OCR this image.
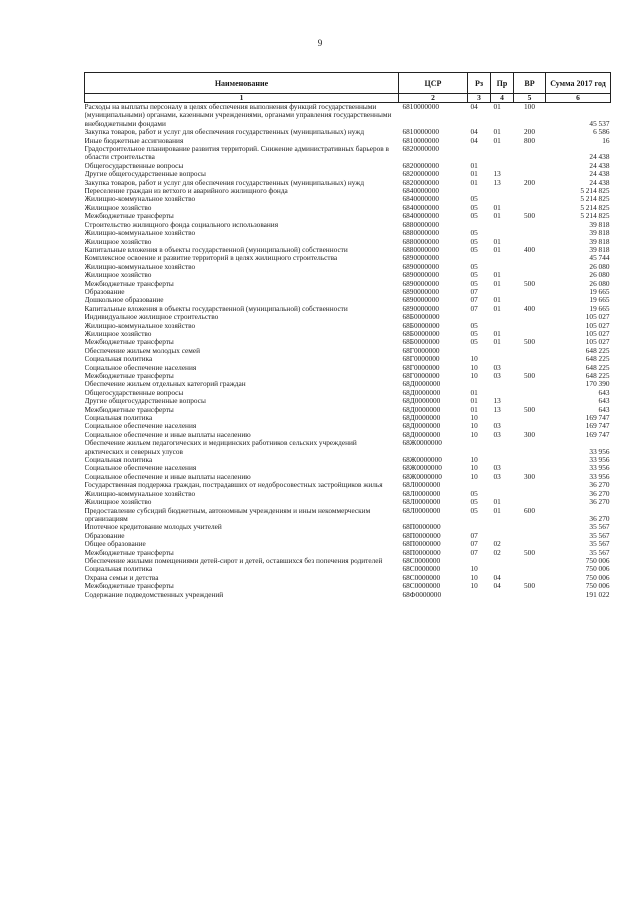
9
Наименование	ЦСР	Рз	Пр	ВР	Сумма 2017 год
1	2	3	4	5	6
Расходы на выплаты персоналу в целях обеспечения выполнения функций государственными (муниципальными) органами, казенными учреждениями, органами управления государственными внебюджетными фондами	6810000000	04	01	100	45 537
Закупка товаров, работ и услуг для обеспечения государственных (муниципальных) нужд	6810000000	04	01	200	6 586
Иные бюджетные ассигнования	6810000000	04	01	800	16
Градостроительное планирование развития территорий. Снижение административных барьеров в области строительства	6820000000				24 438
Общегосударственные вопросы	6820000000	01			24 438
Другие общегосударственные вопросы	6820000000	01	13		24 438
Закупка товаров, работ и услуг для обеспечения государственных (муниципальных) нужд	6820000000	01	13	200	24 438
Переселение граждан из ветхого и аварийного жилищного фонда	6840000000				5 214 825
Жилищно-коммунальное хозяйство	6840000000	05			5 214 825
Жилищное хозяйство	6840000000	05	01		5 214 825
Межбюджетные трансферты	6840000000	05	01	500	5 214 825
Строительство жилищного фонда социального использования	6880000000				39 818
Жилищно-коммунальное хозяйство	6880000000	05			39 818
Жилищное хозяйство	6880000000	05	01		39 818
Капитальные вложения в объекты государственной (муниципальной) собственности	6880000000	05	01	400	39 818
Комплексное освоение и развитие территорий в целях жилищного строительства	6890000000				45 744
Жилищно-коммунальное хозяйство	6890000000	05			26 080
Жилищное хозяйство	6890000000	05	01		26 080
Межбюджетные трансферты	6890000000	05	01	500	26 080
Образование	6890000000	07			19 665
Дошкольное образование	6890000000	07	01		19 665
Капитальные вложения в объекты государственной (муниципальной) собственности	6890000000	07	01	400	19 665
Индивидуальное жилищное строительство	68Б0000000				105 027
Жилищно-коммунальное хозяйство	68Б0000000	05			105 027
Жилищное хозяйство	68Б0000000	05	01		105 027
Межбюджетные трансферты	68Б0000000	05	01	500	105 027
Обеспечение жильем молодых семей	68Г0000000				648 225
Социальная политика	68Г0000000	10			648 225
Социальное обеспечение населения	68Г0000000	10	03		648 225
Межбюджетные трансферты	68Г0000000	10	03	500	648 225
Обеспечение жильем отдельных категорий граждан	68Д0000000				170 390
Общегосударственные вопросы	68Д0000000	01			643
Другие общегосударственные вопросы	68Д0000000	01	13		643
Межбюджетные трансферты	68Д0000000	01	13	500	643
Социальная политика	68Д0000000	10			169 747
Социальное обеспечение населения	68Д0000000	10	03		169 747
Социальное обеспечение и иные выплаты населению	68Д0000000	10	03	300	169 747
Обеспечение жильем педагогических и медицинских работников сельских учреждений арктических и северных улусов	68Ж0000000				33 956
Социальная политика	68Ж0000000	10			33 956
Социальное обеспечение населения	68Ж0000000	10	03		33 956
Социальное обеспечение и иные выплаты населению	68Ж0000000	10	03	300	33 956
Государственная поддержка граждан, пострадавших от недобросовестных застройщиков жилья	68Л0000000				36 270
Жилищно-коммунальное хозяйство	68Л0000000	05			36 270
Жилищное хозяйство	68Л0000000	05	01		36 270
Предоставление субсидий бюджетным, автономным учреждениям и иным некоммерческим организациям	68Л0000000	05	01	600	36 270
Ипотечное кредитование молодых учителей	68П0000000				35 567
Образование	68П0000000	07			35 567
Общее образование	68П0000000	07	02		35 567
Межбюджетные трансферты	68П0000000	07	02	500	35 567
Обеспечение жилыми помещениями детей-сирот и детей, оставшихся без попечения родителей	68С0000000				750 006
Социальная политика	68С0000000	10			750 006
Охрана семьи и детства	68С0000000	10	04		750 006
Межбюджетные трансферты	68С0000000	10	04	500	750 006
Содержание подведомственных учреждений	68Ф0000000				191 022
